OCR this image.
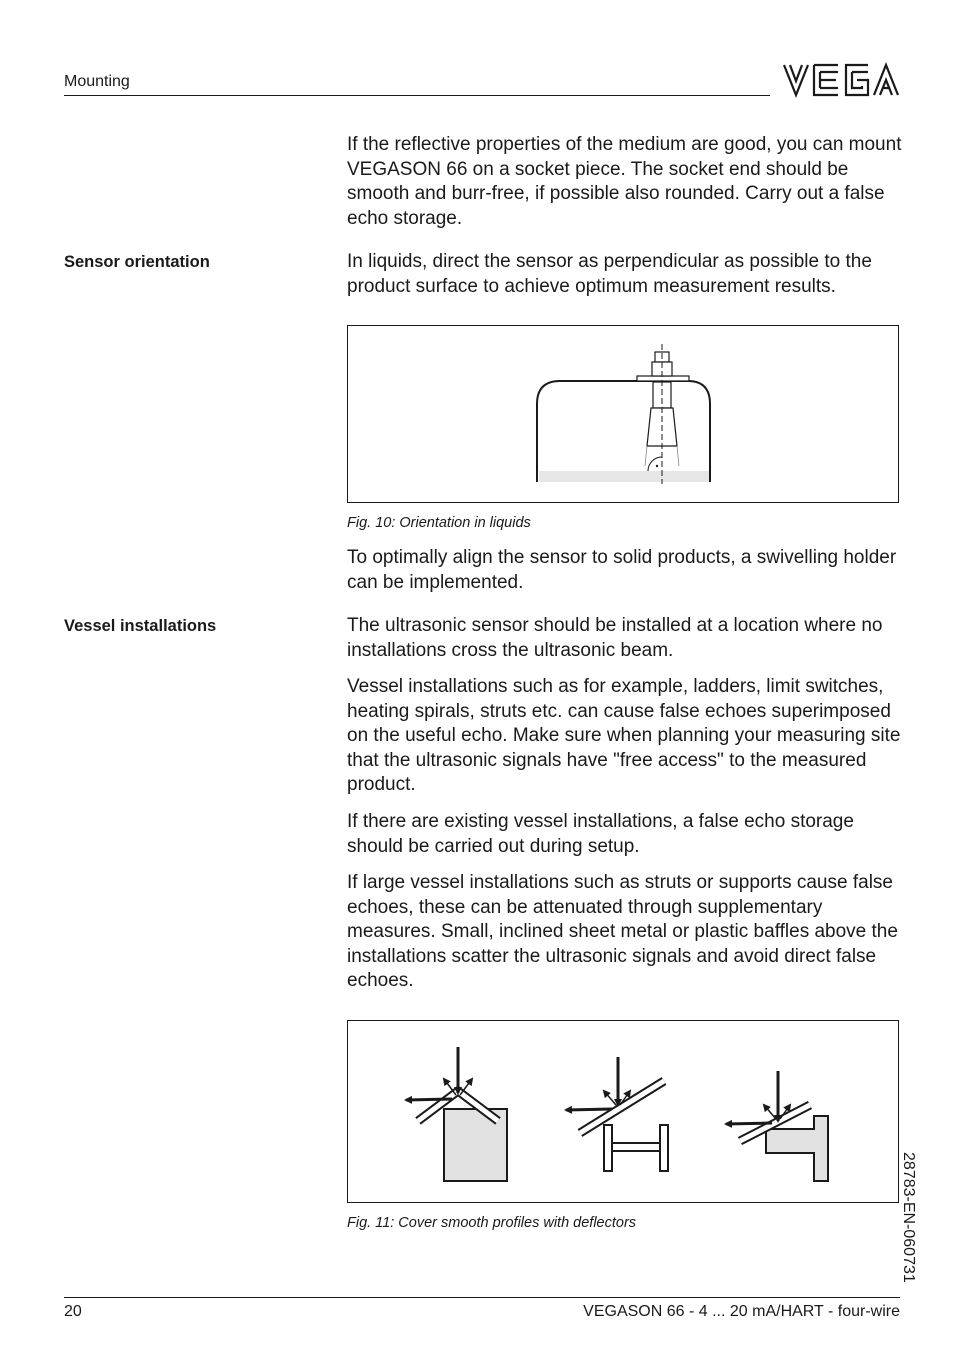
Mounting

If the reflective properties of the medium are good, you can mount VEGASON 66 on a socket piece. The socket end should be smooth and burr-free, if possible also rounded. Carry out a false echo storage.

Sensor orientation	In liquids, direct the sensor as perpendicular as possible to the product surface to achieve optimum measurement results.

Fig. 10: Orientation in liquids

To optimally align the sensor to solid products, a swivelling holder can be implemented.

Vessel installations	The ultrasonic sensor should be installed at a location where no installations cross the ultrasonic beam.

Vessel installations such as for example, ladders, limit switches, heating spirals, struts etc. can cause false echoes superimposed on the useful echo. Make sure when planning your measuring site that the ultrasonic signals have "free access" to the measured product.

If there are existing vessel installations, a false echo storage should be carried out during setup.

If large vessel installations such as struts or supports cause false echoes, these can be attenuated through supplementary measures. Small, inclined sheet metal or plastic baffles above the installations scatter the ultrasonic signals and avoid direct false echoes.

Fig. 11: Cover smooth profiles with deflectors	28783-EN-060731
20	VEGASON 66 - 4 ... 20 mA/HART - four-wire
